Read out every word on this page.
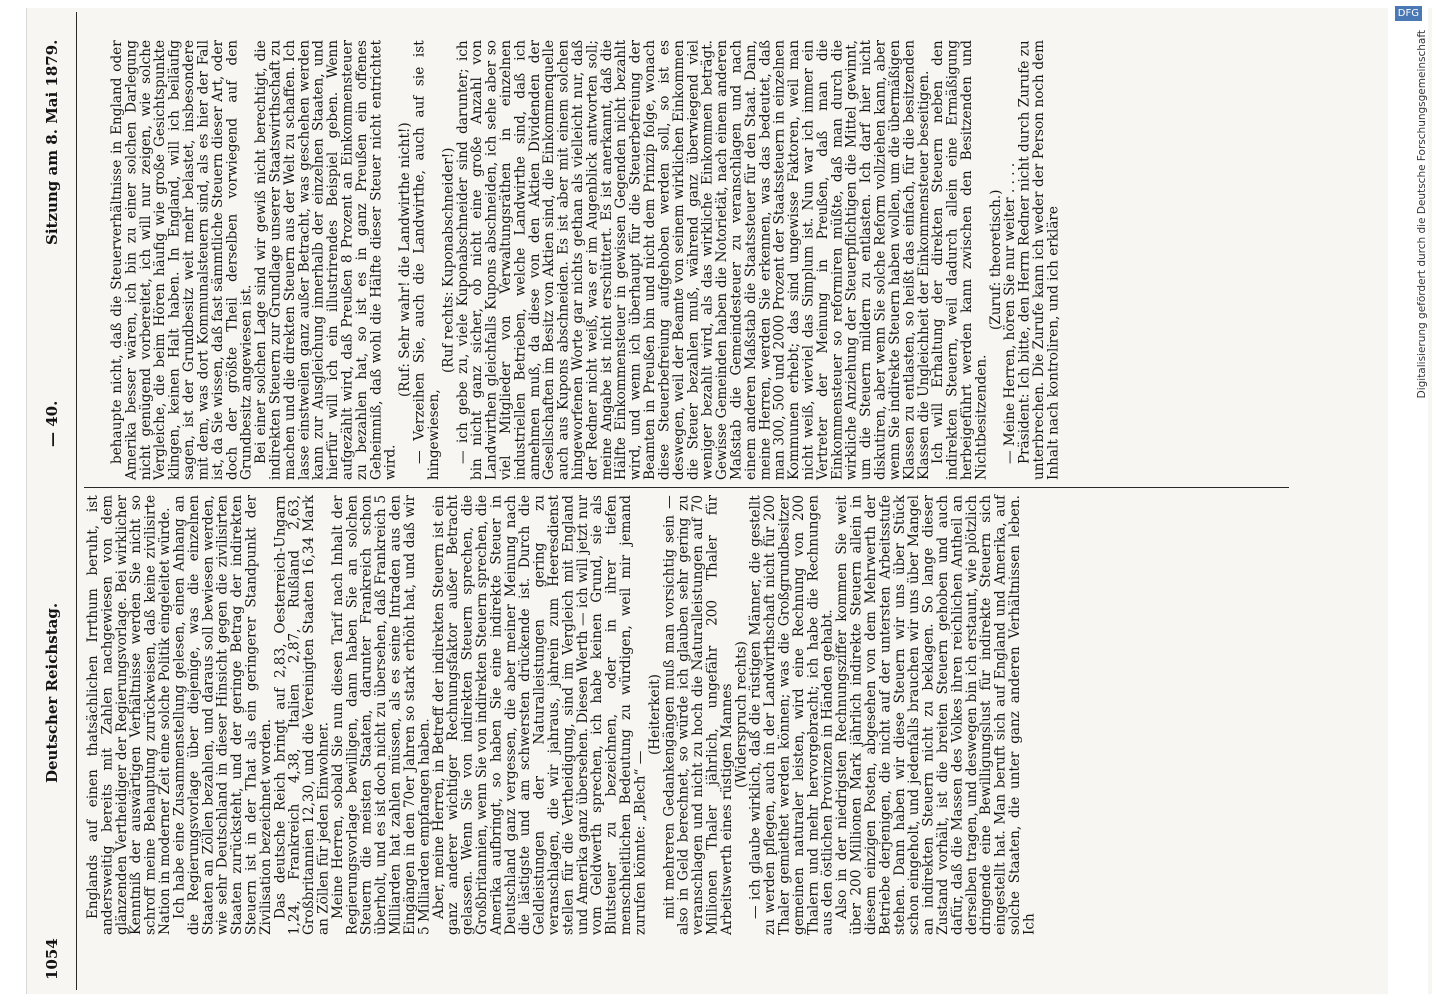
1054
Deutscher Reichstag.
— 40.
Sitzung am 8. Mai 1879.

Englands auf einen thatsächlichen Irrthum beruht, ist andersweitig bereits mit Zahlen nachgewiesen von dem glänzenden Vertheidiger der Regierungsvorlage. Bei wirklicher Kenntniß der auswärtigen Verhältnisse werden Sie nicht so schroff meine Behauptung zurückweisen, daß keine zivilisirte Nation in moderner Zeit eine solche Politik eingeleitet würde.

Ich habe eine Zusammenstellung gelesen, einen Anhang an die Regierungsvorlage über diejenige, was die einzelnen Staaten an Zöllen bezahlen, und daraus soll bewiesen werden, wie sehr Deutschland in dieser Hinsicht gegen die zivilisirten Staaten zurücksteht, und der geringe Betrag der indirekten Steuern ist in der That als ein geringerer Standpunkt der Zivilisation bezeichnet worden.

Das deutsche Reich bringt auf 2,83, Oesterreich-Ungarn 1,24, Frankreich 4,38, Italien 2,87, Rußland 2,63, Großbritannien 12,30, und die Vereinigten Staaten 16,34 Mark an Zöllen für jeden Einwohner.

Meine Herren, sobald Sie nun diesen Tarif nach Inhalt der Regierungsvorlage bewilligen, dann haben Sie an solchen Steuern die meisten Staaten, darunter Frankreich schon überholt, und es ist doch nicht zu übersehen, daß Frankreich 5 Milliarden hat zahlen müssen, als es seine Intraden aus den Eingängen in den 70er Jahren so stark erhöht hat, und daß wir 5 Milliarden empfangen haben.

Aber, meine Herren, in Betreff der indirekten Steuern ist ein ganz anderer wichtiger Rechnungsfaktor außer Betracht gelassen. Wenn Sie von indirekten Steuern sprechen, die Großbritannien, wenn Sie von indirekten Steuern sprechen, die Amerika aufbringt, so haben Sie eine indirekte Steuer in Deutschland ganz vergessen, die aber meiner Meinung nach die lästigste und am schwersten drückende ist. Durch die Geldleistungen der Naturalleistungen gering zu veranschlagen, die wir jahraus, jahrein zum Heeresdienst stellen für die Vertheidigung, sind im Vergleich mit England und Amerika ganz übersehen. Diesen Werth — ich will jetzt nur vom Geldwerth sprechen, ich habe keinen Grund, sie als Blutsteuer zu bezeichnen, oder in ihrer tiefen menschheitlichen Bedeutung zu würdigen, weil mir jemand zurufen könnte: „Blech“ —

(Heiterkeit)

mit mehreren Gedankengängen muß man vorsichtig sein — also in Geld berechnet, so würde ich glauben sehr gering zu veranschlagen und nicht zu hoch die Naturalleistungen auf 70 Millionen Thaler jährlich, ungefähr 200 Thaler für Arbeitswerth eines rüstigen Mannes

(Widerspruch rechts)

— ich glaube wirklich, daß die rüstigen Männer, die gestellt zu werden pflegen, auch in der Landwirthschaft nicht für 200 Thaler gemiethet werden können; was die Großgrundbesitzer gemeinen naturaler leisten, wird eine Rechnung von 200 Thalern und mehr hervorgebracht; ich habe die Rechnungen aus den östlichen Provinzen in Händen gehabt.

Also in der niedrigsten Rechnungsziffer kommen Sie weit über 200 Millionen Mark jährlich indirekte Steuern allein in diesem einzigen Posten, abgesehen von dem Mehrwerth der Betriebe derjenigen, die nicht auf der untersten Arbeitsstufe stehen. Dann haben wir diese Steuern wir uns über Stück schon eingeholt, und jedenfalls brauchen wir uns über Mangel an indirekten Steuern nicht zu beklagen. So lange dieser Zustand vorhält, ist die breiten Steuern gehoben und auch dafür, daß die Massen des Volkes ihren reichlichen Antheil an derselben tragen, und deswegen bin ich erstaunt, wie plötzlich dringende eine Bewilligungslust für indirekte Steuern sich eingestellt hat. Man beruft sich auf England und Amerika, auf solche Staaten, die unter ganz anderen Verhältnissen leben. Ich

behaupte nicht, daß die Steuerverhältnisse in England oder Amerika besser wären, ich bin zu einer solchen Darlegung nicht genügend vorbereitet, ich will nur zeigen, wie solche Vergleiche, die beim Hören häufig wie große Gesichtspunkte klingen, keinen Halt haben. In England, will ich beiläufig sagen, ist der Grundbesitz weit mehr belastet, insbesondere mit dem, was dort Kommunalsteuern sind, als es hier der Fall ist, da Sie wissen, daß fast sämmtliche Steuern dieser Art, oder doch der größte Theil derselben vorwiegend auf den Grundbesitz angewiesen ist.

Bei einer solchen Lage sind wir gewiß nicht berechtigt, die indirekten Steuern zur Grundlage unserer Staatswirthschaft zu machen und die direkten Steuern aus der Welt zu schaffen. Ich lasse einstweilen ganz außer Betracht, was geschehen werden kann zur Ausgleichung innerhalb der einzelnen Staaten, und hierfür will ich ein illustrirendes Beispiel geben. Wenn aufgezählt wird, daß Preußen 8 Prozent an Einkommensteuer zu bezahlen hat, so ist es in ganz Preußen ein offenes Geheimniß, daß wohl die Hälfte dieser Steuer nicht entrichtet wird.

(Ruf: Sehr wahr! die Landwirthe nicht!)

— Verzeihen Sie, auch die Landwirthe, auch auf sie ist hingewiesen,

(Ruf rechts: Kuponabschneider!)

— ich gebe zu, viele Kuponabschneider sind darunter; ich bin nicht ganz sicher, ob nicht eine große Anzahl von Landwirthen gleichfalls Kupons abschneiden, ich sehe aber so viel Mitglieder von Verwaltungsräthen in einzelnen industriellen Betrieben, welche Landwirthe sind, daß ich annehmen muß, da diese von den Aktien Dividenden der Gesellschaften im Besitz von Aktien sind, die Einkommenquelle auch aus Kupons abschneiden. Es ist aber mit einem solchen hingeworfenen Worte gar nichts gethan als vielleicht nur, daß der Redner nicht weiß, was er im Augenblick antworten soll; meine Angabe ist nicht erschüttert. Es ist anerkannt, daß die Hälfte Einkommensteuer in gewissen Gegenden nicht bezahlt wird, und wenn ich überhaupt für die Steuerbefreiung der Beamten in Preußen bin und nicht dem Prinzip folge, wonach diese Steuerbefreiung aufgehoben werden soll, so ist es deswegen, weil der Beamte von seinem wirklichen Einkommen die Steuer bezahlen muß, während ganz überwiegend viel weniger bezahlt wird, als das wirkliche Einkommen beträgt. Gewisse Gemeinden haben die Notorietät, nach einem anderen Maßstab die Gemeindesteuer zu veranschlagen und nach einem anderen Maßstab die Staatssteuer für den Staat. Dann, meine Herren, werden Sie erkennen, was das bedeutet, daß man 300, 500 und 2000 Prozent der Staatssteuern in einzelnen Kommunen erhebt; das sind ungewisse Faktoren, weil man nicht weiß, wieviel das Simplum ist. Nun war ich immer ein Vertreter der Meinung in Preußen, daß man die Einkommensteuer so reformiren müßte, daß man durch die wirkliche Anziehung der Steuerpflichtigen die Mittel gewinnt, um die Steuern mildern zu entlasten. Ich darf hier nicht diskutiren, aber wenn Sie solche Reform vollziehen kann, aber wenn Sie indirekte Steuern haben wollen, um die übermäßigen Klassen zu entlasten, so heißt das einfach, für die besitzenden Klassen die Ungleichheit der Einkommensteuer beseitigen.

Ich will Erhaltung der direkten Steuern neben den indirekten Steuern, weil dadurch allein eine Ermäßigung herbeigeführt werden kann zwischen den Besitzenden und Nichtbesitzenden.

(Zuruf: theoretisch.)

— Meine Herren, hören Sie nur weiter . . . .

Präsident: Ich bitte, den Herrn Redner nicht durch Zurufe zu unterbrechen. Die Zurufe kann ich weder der Person noch dem Inhalt nach kontroliren, und ich erkläre	Digitalisierung gefördert durch die Deutsche Forschungsgemeinschaft
DFG
